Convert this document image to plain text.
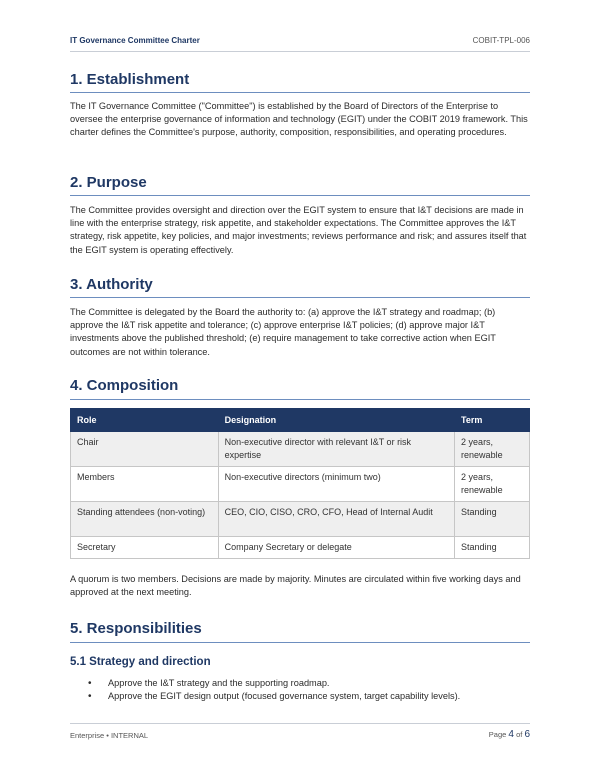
IT Governance Committee Charter	COBIT-TPL-006
1. Establishment

The IT Governance Committee ("Committee") is established by the Board of Directors of the Enterprise to oversee the enterprise governance of information and technology (EGIT) under the COBIT 2019 framework. This charter defines the Committee's purpose, authority, composition, responsibilities, and operating procedures.

2. Purpose

The Committee provides oversight and direction over the EGIT system to ensure that I&T decisions are made in line with the enterprise strategy, risk appetite, and stakeholder expectations. The Committee approves the I&T strategy, risk appetite, key policies, and major investments; reviews performance and risk; and assures itself that the EGIT system is operating effectively.

3. Authority

The Committee is delegated by the Board the authority to: (a) approve the I&T strategy and roadmap; (b) approve the I&T risk appetite and tolerance; (c) approve enterprise I&T policies; (d) approve major I&T investments above the published threshold; (e) require management to take corrective action when EGIT outcomes are not within tolerance.

4. Composition
Role	Designation	Term
Chair	Non-executive director with relevant I&T or risk expertise	2 years, renewable
Members	Non-executive directors (minimum two)	2 years, renewable
Standing attendees (non-voting)	CEO, CIO, CISO, CRO, CFO, Head of Internal Audit	Standing
Secretary	Company Secretary or delegate	Standing

A quorum is two members. Decisions are made by majority. Minutes are circulated within five working days and approved at the next meeting.

5. Responsibilities
5.1 Strategy and direction
• Approve the I&T strategy and the supporting roadmap.
• Approve the EGIT design output (focused governance system, target capability levels).
Enterprise • INTERNAL	Page 4 of 6
